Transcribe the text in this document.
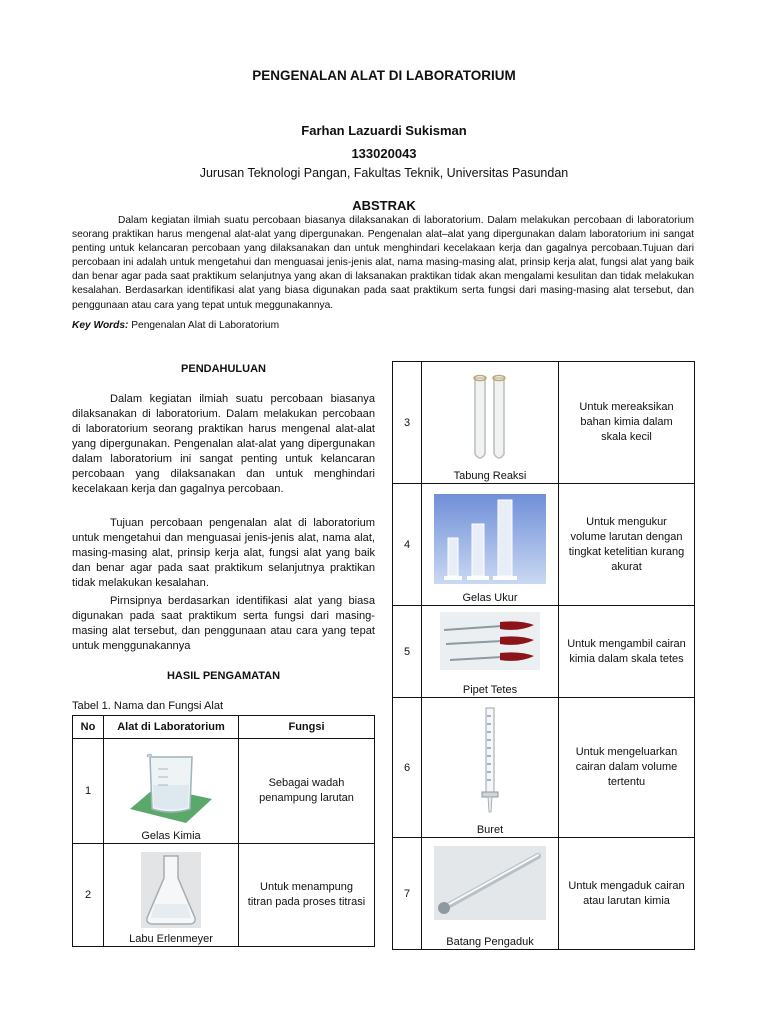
PENGENALAN ALAT DI LABORATORIUM
Farhan Lazuardi Sukisman
133020043
Jurusan Teknologi Pangan, Fakultas Teknik, Universitas Pasundan
ABSTRAK

Dalam kegiatan ilmiah suatu percobaan biasanya dilaksanakan di laboratorium. Dalam melakukan percobaan di laboratorium seorang praktikan harus mengenal alat-alat yang dipergunakan. Pengenalan alat–alat yang dipergunakan dalam laboratorium ini sangat penting untuk kelancaran percobaan yang dilaksanakan dan untuk menghindari kecelakaan kerja dan gagalnya percobaan.Tujuan dari percobaan ini adalah untuk mengetahui dan menguasai jenis-jenis alat, nama masing-masing alat, prinsip kerja alat, fungsi alat yang baik dan benar agar pada saat praktikum selanjutnya yang akan di laksanakan praktikan tidak akan mengalami kesulitan dan tidak melakukan kesalahan. Berdasarkan identifikasi alat yang biasa digunakan pada saat praktikum serta fungsi dari masing-masing alat tersebut, dan penggunaan atau cara yang tepat untuk meggunakannya.

Key Words: Pengenalan Alat di Laboratorium
PENDAHULUAN

Dalam kegiatan ilmiah suatu percobaan biasanya dilaksanakan di laboratorium. Dalam melakukan percobaan di laboratorium seorang praktikan harus mengenal alat-alat yang dipergunakan. Pengenalan alat-alat yang dipergunakan dalam laboratorium ini sangat penting untuk kelancaran percobaan yang dilaksanakan dan untuk menghindari kecelakaan kerja dan gagalnya percobaan.

Tujuan percobaan pengenalan alat di laboratorium untuk mengetahui dan menguasai jenis-jenis alat, nama alat, masing-masing alat, prinsip kerja alat, fungsi alat yang baik dan benar agar pada saat praktikum selanjutnya praktikan tidak melakukan kesalahan.

Pirnsipnya berdasarkan identifikasi alat yang biasa digunakan pada saat praktikum serta fungsi dari masing-masing alat tersebut, dan penggunaan atau cara yang tepat untuk menggunakannya

HASIL PENGAMATAN
Tabel 1. Nama dan Fungsi Alat
No	Alat di Laboratorium	Fungsi
1	Gelas Kimia	Sebagai wadah penampung larutan
2	Labu Erlenmeyer	Untuk menampung titran pada proses titrasi
3	Tabung Reaksi	Untuk mereaksikan bahan kimia dalam skala kecil
4	Gelas Ukur	Untuk mengukur volume larutan dengan tingkat ketelitian kurang akurat
5	Pipet Tetes	Untuk mengambil cairan kimia dalam skala tetes
6	Buret	Untuk mengeluarkan cairan dalam volume tertentu
7	Batang Pengaduk	Untuk mengaduk cairan atau larutan kimia
